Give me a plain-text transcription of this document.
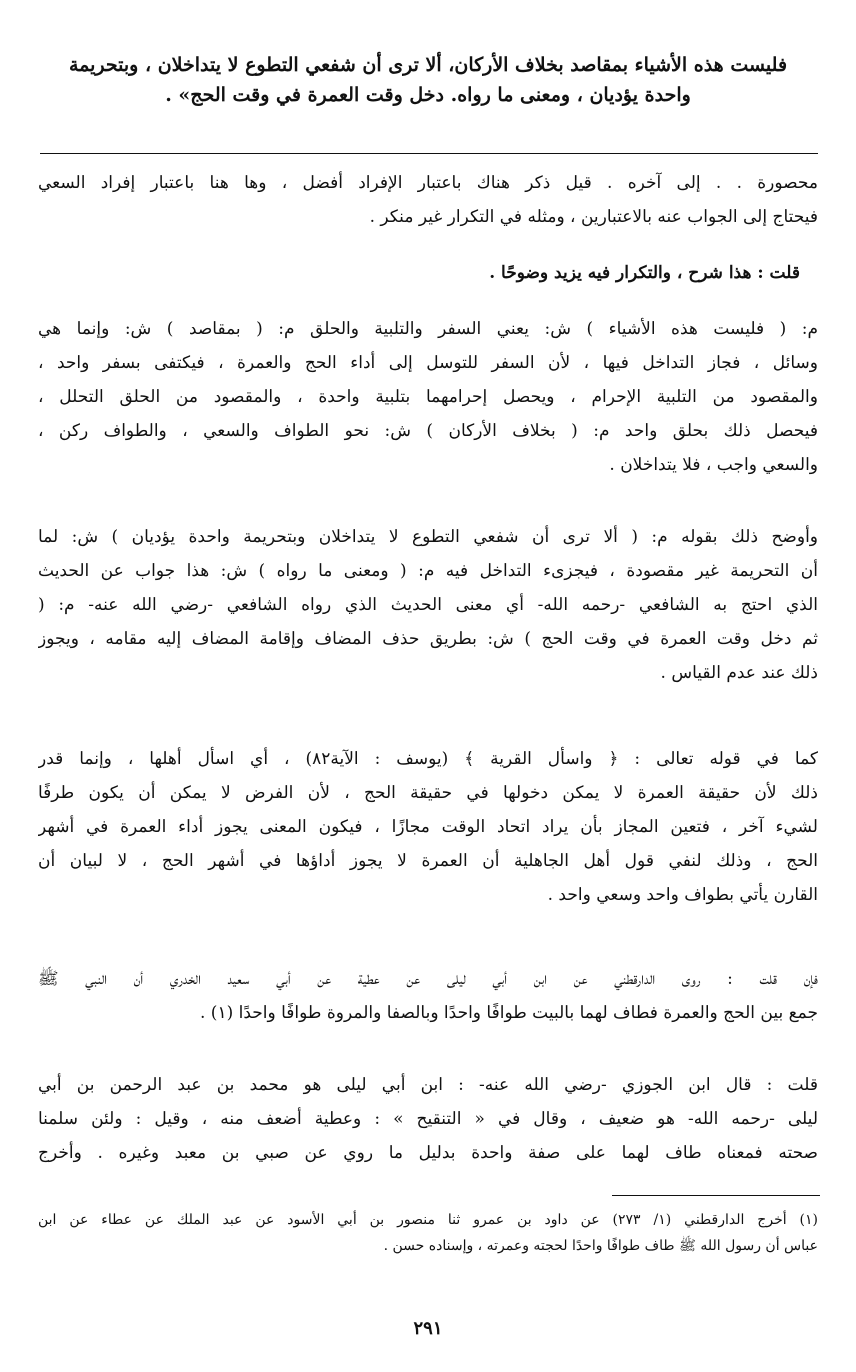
فليست هذه الأشياء بمقاصد بخلاف الأركان، ألا ترى أن شفعي التطوع لا يتداخلان ، وبتحريمة
واحدة يؤديان ، ومعنى ما رواه. دخل وقت العمرة في وقت الحج» .
محصورة . . إلى آخره . قيل ذكر هناك باعتبار الإفراد أفضل ، وها هنا باعتبار إفراد السعي
فيحتاج إلى الجواب عنه بالاعتبارين ، ومثله في التكرار غير منكر .
قلت : هذا شرح ، والتكرار فيه يزيد وضوحًا .
م: ( فليست هذه الأشياء ) ش: يعني السفر والتلبية والحلق م: ( بمقاصد ) ش: وإنما هي
وسائل ، فجاز التداخل فيها ، لأن السفر للتوسل إلى أداء الحج والعمرة ، فيكتفى بسفر واحد ،
والمقصود من التلبية الإحرام ، ويحصل إحرامهما بتلبية واحدة ، والمقصود من الحلق التحلل ،
فيحصل ذلك بحلق واحد م: ( بخلاف الأركان ) ش: نحو الطواف والسعي ، والطواف ركن ،
والسعي واجب ، فلا يتداخلان .
وأوضح ذلك بقوله م: ( ألا ترى أن شفعي التطوع لا يتداخلان وبتحريمة واحدة يؤديان ) ش: لما
أن التحريمة غير مقصودة ، فيجزىء التداخل فيه م: ( ومعنى ما رواه ) ش: هذا جواب عن الحديث
الذي احتج به الشافعي -رحمه الله- أي معنى الحديث الذي رواه الشافعي -رضي الله عنه- م: (
ثم دخل وقت العمرة في وقت الحج ) ش: بطريق حذف المضاف وإقامة المضاف إليه مقامه ، ويجوز
ذلك عند عدم القياس .
كما في قوله تعالى : ﴿ واسأل القرية ﴾ (يوسف : الآية٨٢) ، أي اسأل أهلها ، وإنما قدر
ذلك لأن حقيقة العمرة لا يمكن دخولها في حقيقة الحج ، لأن الفرض لا يمكن أن يكون طرفًا
لشيء آخر ، فتعين المجاز بأن يراد اتحاد الوقت مجازًا ، فيكون المعنى يجوز أداء العمرة في أشهر
الحج ، وذلك لنفي قول أهل الجاهلية أن العمرة لا يجوز أداؤها في أشهر الحج ، لا لبيان أن
القارن يأتي بطواف واحد وسعي واحد .
فإن قلت : روى الدارقطني عن ابن أبي ليلى عن عطية عن أبي سعيد الخدري أن النبي ﷺ
جمع بين الحج والعمرة فطاف لهما بالبيت طوافًا واحدًا وبالصفا والمروة طوافًا واحدًا (١) .
قلت : قال ابن الجوزي -رضي الله عنه- : ابن أبي ليلى هو محمد بن عبد الرحمن بن أبي
ليلى -رحمه الله- هو ضعيف ، وقال في « التنقيح » : وعطية أضعف منه ، وقيل : ولئن سلمنا
صحته فمعناه طاف لهما على صفة واحدة بدليل ما روي عن صبي بن معبد وغيره . وأخرج
(١) أخرج الدارقطني (١/ ٢٧٣) عن داود بن عمرو ثنا منصور بن أبي الأسود عن عبد الملك عن عطاء عن ابن
عباس أن رسول الله ﷺ طاف طوافًا واحدًا لحجته وعمرته ، وإسناده حسن .
٢٩١
